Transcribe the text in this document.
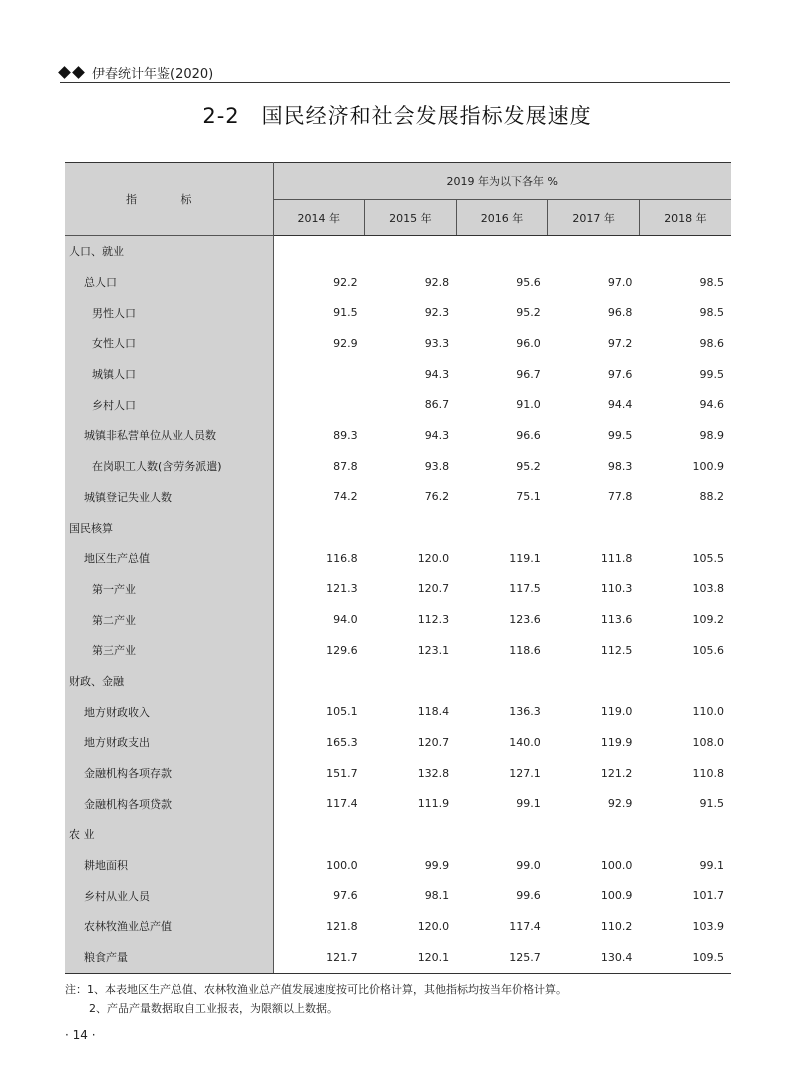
伊春统计年鉴(2020)
2-2 国民经济和社会发展指标发展速度
指 标	2019 年为以下各年 %				
	2014 年	2015 年	2016 年	2017 年	2018 年
人口、就业					
总人口	92.2	92.8	95.6	97.0	98.5
男性人口	91.5	92.3	95.2	96.8	98.5
女性人口	92.9	93.3	96.0	97.2	98.6
城镇人口		94.3	96.7	97.6	99.5
乡村人口		86.7	91.0	94.4	94.6
城镇非私营单位从业人员数	89.3	94.3	96.6	99.5	98.9
在岗职工人数(含劳务派遣)	87.8	93.8	95.2	98.3	100.9
城镇登记失业人数	74.2	76.2	75.1	77.8	88.2
国民核算					
地区生产总值	116.8	120.0	119.1	111.8	105.5
第一产业	121.3	120.7	117.5	110.3	103.8
第二产业	94.0	112.3	123.6	113.6	109.2
第三产业	129.6	123.1	118.6	112.5	105.6
财政、金融					
地方财政收入	105.1	118.4	136.3	119.0	110.0
地方财政支出	165.3	120.7	140.0	119.9	108.0
金融机构各项存款	151.7	132.8	127.1	121.2	110.8
金融机构各项贷款	117.4	111.9	99.1	92.9	91.5
农 业					
耕地面积	100.0	99.9	99.0	100.0	99.1
乡村从业人员	97.6	98.1	99.6	100.9	101.7
农林牧渔业总产值	121.8	120.0	117.4	110.2	103.9
粮食产量	121.7	120.1	125.7	130.4	109.5
注：1、本表地区生产总值、农林牧渔业总产值发展速度按可比价格计算，其他指标均按当年价格计算。
2、产品产量数据取自工业报表，为限额以上数据。
· 14 ·
